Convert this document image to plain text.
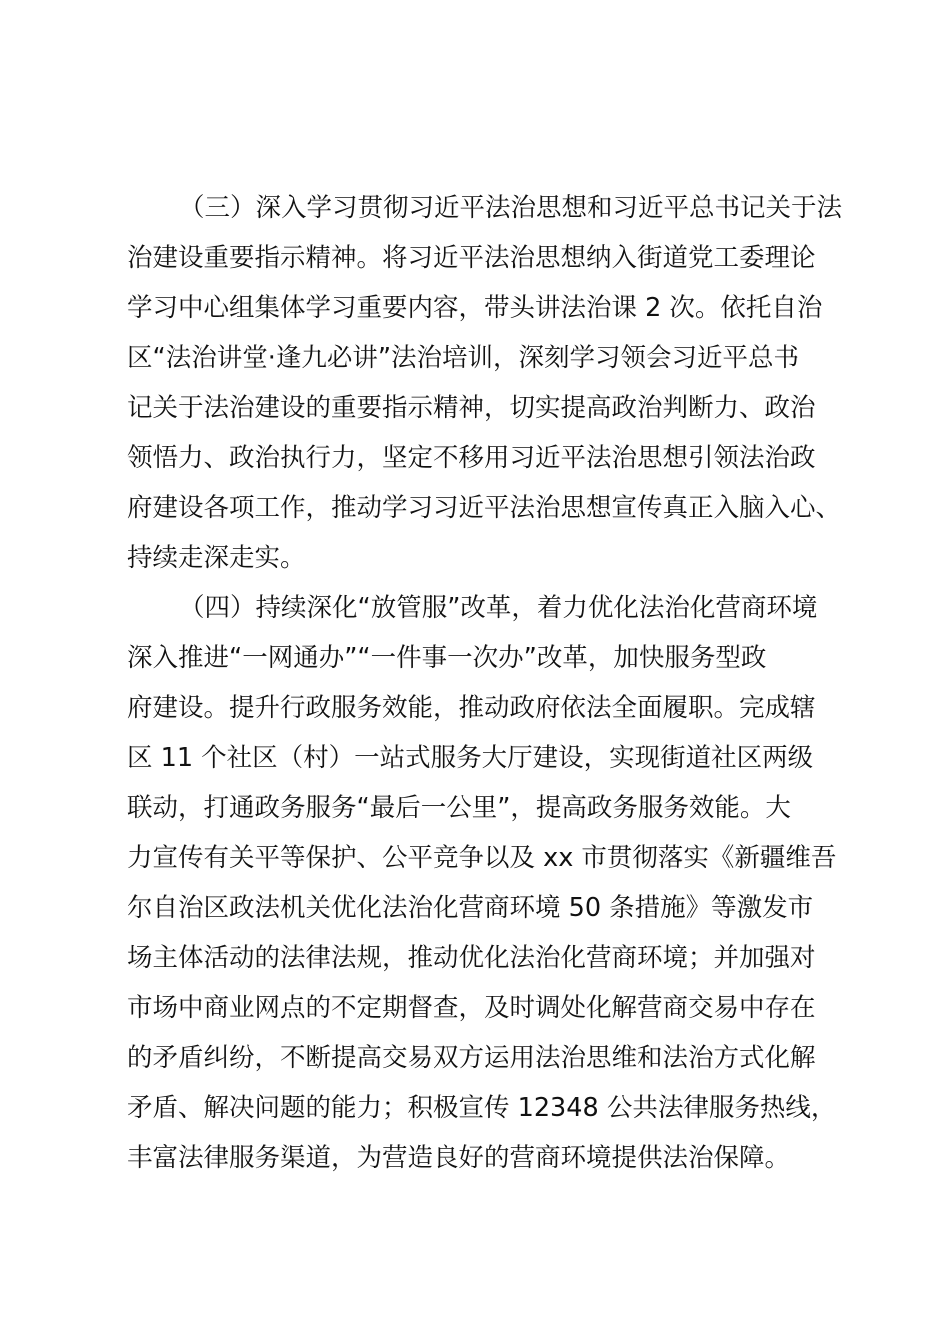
（三）深入学习贯彻习近平法治思想和习近平总书记关于法
治建设重要指示精神。将习近平法治思想纳入街道党工委理论
学习中心组集体学习重要内容，带头讲法治课 2 次。依托自治
区“法治讲堂·逢九必讲”法治培训，深刻学习领会习近平总书
记关于法治建设的重要指示精神，切实提高政治判断力、政治
领悟力、政治执行力，坚定不移用习近平法治思想引领法治政
府建设各项工作，推动学习习近平法治思想宣传真正入脑入心、
持续走深走实。
（四）持续深化“放管服”改革，着力优化法治化营商环境
深入推进“一网通办”“一件事一次办”改革，加快服务型政
府建设。提升行政服务效能，推动政府依法全面履职。完成辖
区 11 个社区（村）一站式服务大厅建设，实现街道社区两级
联动，打通政务服务“最后一公里”，提高政务服务效能。大
力宣传有关平等保护、公平竞争以及 xx 市贯彻落实《新疆维吾
尔自治区政法机关优化法治化营商环境 50 条措施》等激发市
场主体活动的法律法规，推动优化法治化营商环境；并加强对
市场中商业网点的不定期督查，及时调处化解营商交易中存在
的矛盾纠纷，不断提高交易双方运用法治思维和法治方式化解
矛盾、解决问题的能力；积极宣传 12348 公共法律服务热线，
丰富法律服务渠道，为营造良好的营商环境提供法治保障。
